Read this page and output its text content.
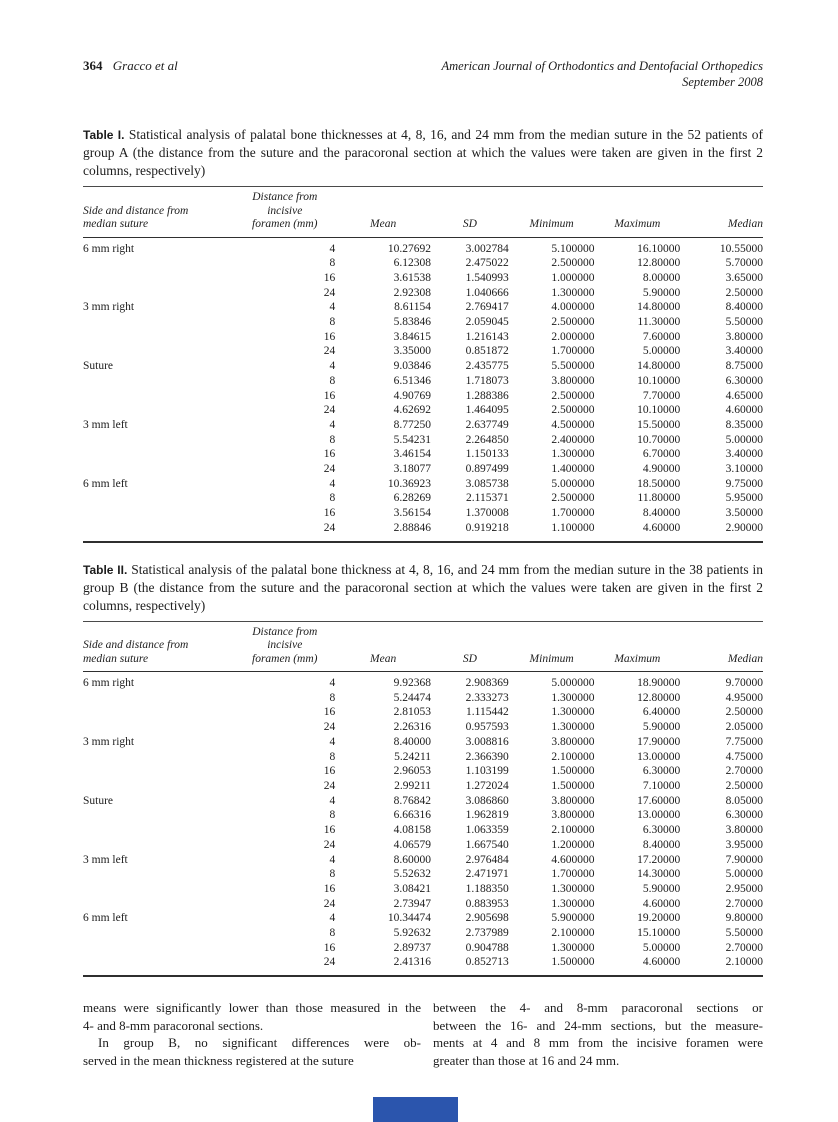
364 Gracco et al	American Journal of Orthodontics and Dentofacial Orthopedics
September 2008

Table I. Statistical analysis of palatal bone thicknesses at 4, 8, 16, and 24 mm from the median suture in the 52 patients of group A (the distance from the suture and the paracoronal section at which the values were taken are given in the first 2 columns, respectively)

Side and distance from
median suture

Distance from incisive
foramen (mm)	Mean	SD	Minimum	Maximum	Median

6 mm right	4	10.27692	3.002784	5.100000	16.10000	10.55000
	8	6.12308	2.475022	2.500000	12.80000	5.70000
	16	3.61538	1.540993	1.000000	8.00000	3.65000
	24	2.92308	1.040666	1.300000	5.90000	2.50000
3 mm right	4	8.61154	2.769417	4.000000	14.80000	8.40000
	8	5.83846	2.059045	2.500000	11.30000	5.50000
	16	3.84615	1.216143	2.000000	7.60000	3.80000
	24	3.35000	0.851872	1.700000	5.00000	3.40000
Suture	4	9.03846	2.435775	5.500000	14.80000	8.75000
	8	6.51346	1.718073	3.800000	10.10000	6.30000
	16	4.90769	1.288386	2.500000	7.70000	4.65000
	24	4.62692	1.464095	2.500000	10.10000	4.60000
3 mm left	4	8.77250	2.637749	4.500000	15.50000	8.35000
	8	5.54231	2.264850	2.400000	10.70000	5.00000
	16	3.46154	1.150133	1.300000	6.70000	3.40000
	24	3.18077	0.897499	1.400000	4.90000	3.10000
6 mm left	4	10.36923	3.085738	5.000000	18.50000	9.75000
	8	6.28269	2.115371	2.500000	11.80000	5.95000
	16	3.56154	1.370008	1.700000	8.40000	3.50000
	24	2.88846	0.919218	1.100000	4.60000	2.90000

Table II. Statistical analysis of the palatal bone thickness at 4, 8, 16, and 24 mm from the median suture in the 38 patients in group B (the distance from the suture and the paracoronal section at which the values were taken are given in the first 2 columns, respectively)

Side and distance from
median suture

Distance from incisive
foramen (mm)	Mean	SD	Minimum	Maximum	Median

6 mm right	4	9.92368	2.908369	5.000000	18.90000	9.70000
	8	5.24474	2.333273	1.300000	12.80000	4.95000
	16	2.81053	1.115442	1.300000	6.40000	2.50000
	24	2.26316	0.957593	1.300000	5.90000	2.05000
3 mm right	4	8.40000	3.008816	3.800000	17.90000	7.75000
	8	5.24211	2.366390	2.100000	13.00000	4.75000
	16	2.96053	1.103199	1.500000	6.30000	2.70000
	24	2.99211	1.272024	1.500000	7.10000	2.50000
Suture	4	8.76842	3.086860	3.800000	17.60000	8.05000
	8	6.66316	1.962819	3.800000	13.00000	6.30000
	16	4.08158	1.063359	2.100000	6.30000	3.80000
	24	4.06579	1.667540	1.200000	8.40000	3.95000
3 mm left	4	8.60000	2.976484	4.600000	17.20000	7.90000
	8	5.52632	2.471971	1.700000	14.30000	5.00000
	16	3.08421	1.188350	1.300000	5.90000	2.95000
	24	2.73947	0.883953	1.300000	4.60000	2.70000
6 mm left	4	10.34474	2.905698	5.900000	19.20000	9.80000
	8	5.92632	2.737989	2.100000	15.10000	5.50000
	16	2.89737	0.904788	1.300000	5.00000	2.70000
	24	2.41316	0.852713	1.500000	4.60000	2.10000
means were significantly lower than those measured in the
4- and 8-mm paracoronal sections.
In group B, no significant differences were ob-
served in the mean thickness registered at the suture
between the 4- and 8-mm paracoronal sections or
between the 16- and 24-mm sections, but the measure-
ments at 4 and 8 mm from the incisive foramen were
greater than those at 16 and 24 mm.
